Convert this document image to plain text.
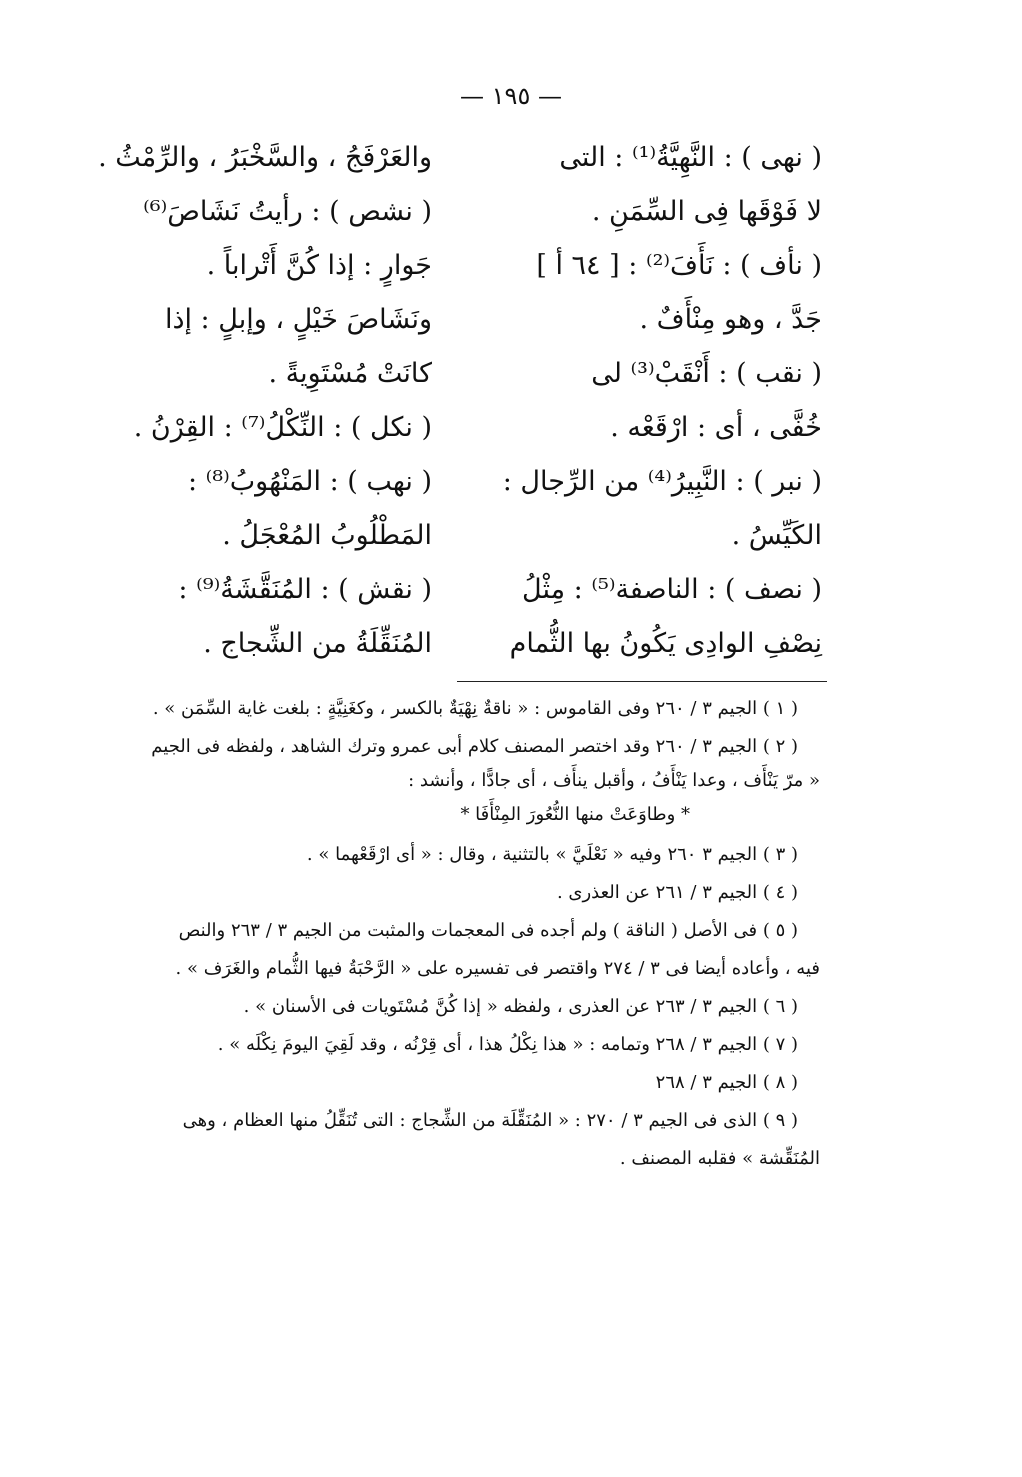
— ١٩٥ —
( نهى ) : النَّهِيَّةُ⁽¹⁾ : التى
لا فَوْقَها فِى السِّمَنِ .
( نأف ) : نَأَفَ⁽²⁾ : [ ٦٤ أ ]
جَدَّ ، وهو مِنْأَفٌ .
( نقب ) : أَنْقَبْ⁽³⁾ لى
خُفَّى ، أى : ارْقَعْه .
( نبر ) : النَّبِيرُ⁽⁴⁾ من الرِّجال :
الكَيِّسُ .
( نصف ) : الناصفة⁽⁵⁾ : مِثْلُ
نِصْفِ الوادِى يَكُونُ بها الثُّمام
والعَرْفَجُ ، والسَّخْبَرُ ، والرِّمْثُ .
( نشص ) : رأيتُ نَشَاصَ⁽⁶⁾
جَوارٍ : إذا كُنَّ أَتْراباً .
ونَشَاصَ خَيْلٍ ، وإبلٍ : إذا
كانَتْ مُسْتَوِيةً .
( نكل ) : النِّكْلُ⁽⁷⁾ : القِرْنُ .
( نهب ) : المَنْهُوبُ⁽⁸⁾ :
المَطْلُوبُ المُعْجَلُ .
( نقش ) : المُنَقَّشَةُ⁽⁹⁾ :
المُنَقِّلَةُ من الشِّجاج .
( ١ ) الجيم ٣ / ٢٦٠ وفى القاموس : « ناقةٌ نِهْيَةٌ بالكسر ، وكغَنِيَّةٍ : بلغت غاية السِّمَن » .
( ٢ ) الجيم ٣ / ٢٦٠ وقد اختصر المصنف كلام أبى عمرو وترك الشاهد ، ولفظه فى الجيم
« مرّ يَنْأَف ، وعدا يَنْأَفُ ، وأقبل ينأَف ، أى جادًّا ، وأنشد :
* وطاوَعَتْ منها النُّعُورَ المِنْأَفَا *
( ٣ ) الجيم ٣ ٢٦٠ وفيه « نَعْلَيَّ » بالتثنية ، وقال : « أى ارْقَعْهما » .
( ٤ ) الجيم ٣ / ٢٦١ عن العذرى .
( ٥ ) فى الأصل ( الناقة ) ولم أجده فى المعجمات والمثبت من الجيم ٣ / ٢٦٣ والنص
فيه ، وأعاده أيضا فى ٣ / ٢٧٤ واقتصر فى تفسيره على « الرَّحْبَةُ فيها الثُّمام والغَرَف » .
( ٦ ) الجيم ٣ / ٢٦٣ عن العذرى ، ولفظه « إذا كُنَّ مُسْتَويات فى الأسنان » .
( ٧ ) الجيم ٣ / ٢٦٨ وتمامه : « هذا نِكْلُ هذا ، أى قِرْنُه ، وقد لَقِيَ اليومَ نِكْلَه » .
( ٨ ) الجيم ٣ / ٢٦٨
( ٩ ) الذى فى الجيم ٣ / ٢٧٠ : « المُنَقِّلَة من الشِّجاج : التى تُنَقِّلُ منها العظام ، وهى
المُنَقِّشة » فقلبه المصنف .
